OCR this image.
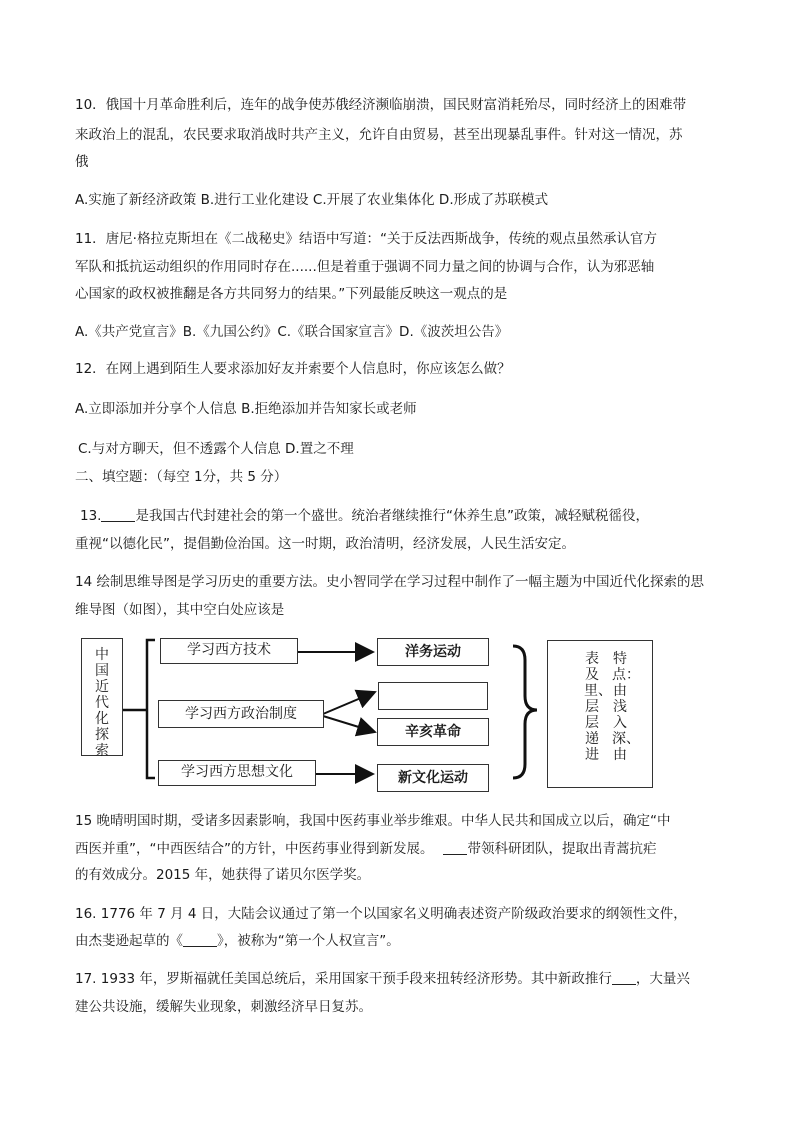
10．俄国十月革命胜利后，连年的战争使苏俄经济濒临崩溃，国民财富消耗殆尽，同时经济上的困难带
来政治上的混乱，农民要求取消战时共产主义，允许自由贸易，甚至出现暴乱事件。针对这一情况，苏
俄
A.实施了新经济政策 B.进行工业化建设 C.开展了农业集体化 D.形成了苏联模式
11．唐尼·格拉克斯坦在《二战秘史》结语中写道：“关于反法西斯战争，传统的观点虽然承认官方
军队和抵抗运动组织的作用同时存在......但是着重于强调不同力量之间的协调与合作，认为邪恶轴
心国家的政权被推翻是各方共同努力的结果。”下列最能反映这一观点的是
A.《共产党宣言》B.《九国公约》C.《联合国家宣言》D.《波茨坦公告》
12．在网上遇到陌生人要求添加好友并索要个人信息时，你应该怎么做？
A.立即添加并分享个人信息 B.拒绝添加并告知家长或老师
C.与对方聊天，但不透露个人信息 D.置之不理
二、填空题：（每空 1分，共 5 分）
13.	是我国古代封建社会的第一个盛世。统治者继续推行“休养生息”政策，减轻赋税徭役，
重视“以德化民”，提倡勤俭治国。这一时期，政治清明，经济发展，人民生活安定。
14 绘制思维导图是学习历史的重要方法。史小智同学在学习过程中制作了一幅主题为中国近代化探索的思
维导图（如图），其中空白处应该是
中国近代化探索
学习西方技术
学习西方政治制度
学习西方思想文化
洋务运动
辛亥革命
新文化运动
特点：由浅入深、由
表及里、层层递进
15 晚晴明国时期，受诸多因素影响，我国中医药事业举步维艰。中华人民共和国成立以后，确定“中
西医并重”，“中西医结合”的方针，中医药事业得到新发展。	带领科研团队，提取出青蒿抗疟
的有效成分。2015 年，她获得了诺贝尔医学奖。
16. 1776 年 7 月 4 日，大陆会议通过了第一个以国家名义明确表述资产阶级政治要求的纲领性文件，
由杰斐逊起草的《	》，被称为“第一个人权宣言”。
17. 1933 年，罗斯福就任美国总统后，采用国家干预手段来扭转经济形势。其中新政推行 ，大量兴
建公共设施，缓解失业现象，刺激经济早日复苏。
